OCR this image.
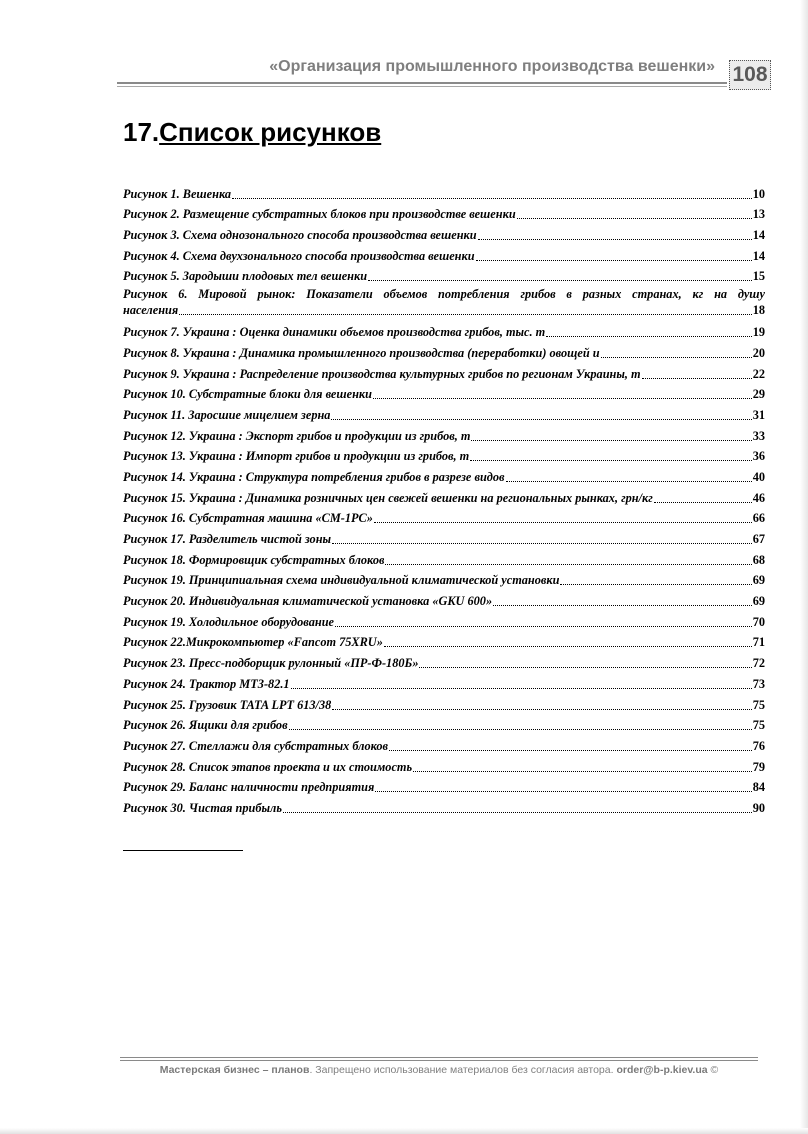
«Организация промышленного производства вешенки» 108
17.Список рисунков
Рисунок 1. Вешенка	10
Рисунок 2. Размещение субстратных блоков при производстве вешенки	13
Рисунок 3. Схема однозонального способа производства вешенки	14
Рисунок 4. Схема двухзонального способа производства вешенки	14
Рисунок 5. Зародыши плодовых тел вешенки	15
Рисунок 6. Мировой рынок: Показатели объемов потребления грибов в разных странах, кг на душу
населения	18
Рисунок 7. Украина : Оценка динамики объемов производства грибов, тыс. т	19
Рисунок 8. Украина : Динамика промышленного производства (переработки) овощей и	20
Рисунок 9. Украина : Распределение производства культурных грибов по регионам Украины, т	22
Рисунок 10. Субстратные блоки для вешенки	29
Рисунок 11. Заросшие мицелием зерна	31
Рисунок 12. Украина : Экспорт грибов и продукции из грибов, т	33
Рисунок 13. Украина : Импорт грибов и продукции из грибов, т	36
Рисунок 14. Украина : Структура потребления грибов в разрезе видов	40
Рисунок 15. Украина : Динамика розничных цен свежей вешенки на региональных рынках, грн/кг	46
Рисунок 16. Субстратная машина «СМ-1РС»	66
Рисунок 17. Разделитель чистой зоны	67
Рисунок 18. Формировщик субстратных блоков	68
Рисунок 19. Принципиальная схема индивидуальной климатической установки	69
Рисунок 20. Индивидуальная климатической установка «GKU 600»	69
Рисунок 19. Холодильное оборудование	70
Рисунок 22.Микрокомпьютер «Fancom 75XRU»	71
Рисунок 23. Пресс-подборщик рулонный «ПР-Ф-180Б»	72
Рисунок 24. Трактор МТЗ-82.1	73
Рисунок 25. Грузовик TATA LPT 613/38	75
Рисунок 26. Ящики для грибов	75
Рисунок 27. Стеллажи для субстратных блоков	76
Рисунок 28. Список этапов проекта и их стоимость	79
Рисунок 29. Баланс наличности предприятия	84
Рисунок 30. Чистая прибыль	90
Мастерская бизнес – планов. Запрещено использование материалов без согласия автора. order@b-p.kiev.ua ©
